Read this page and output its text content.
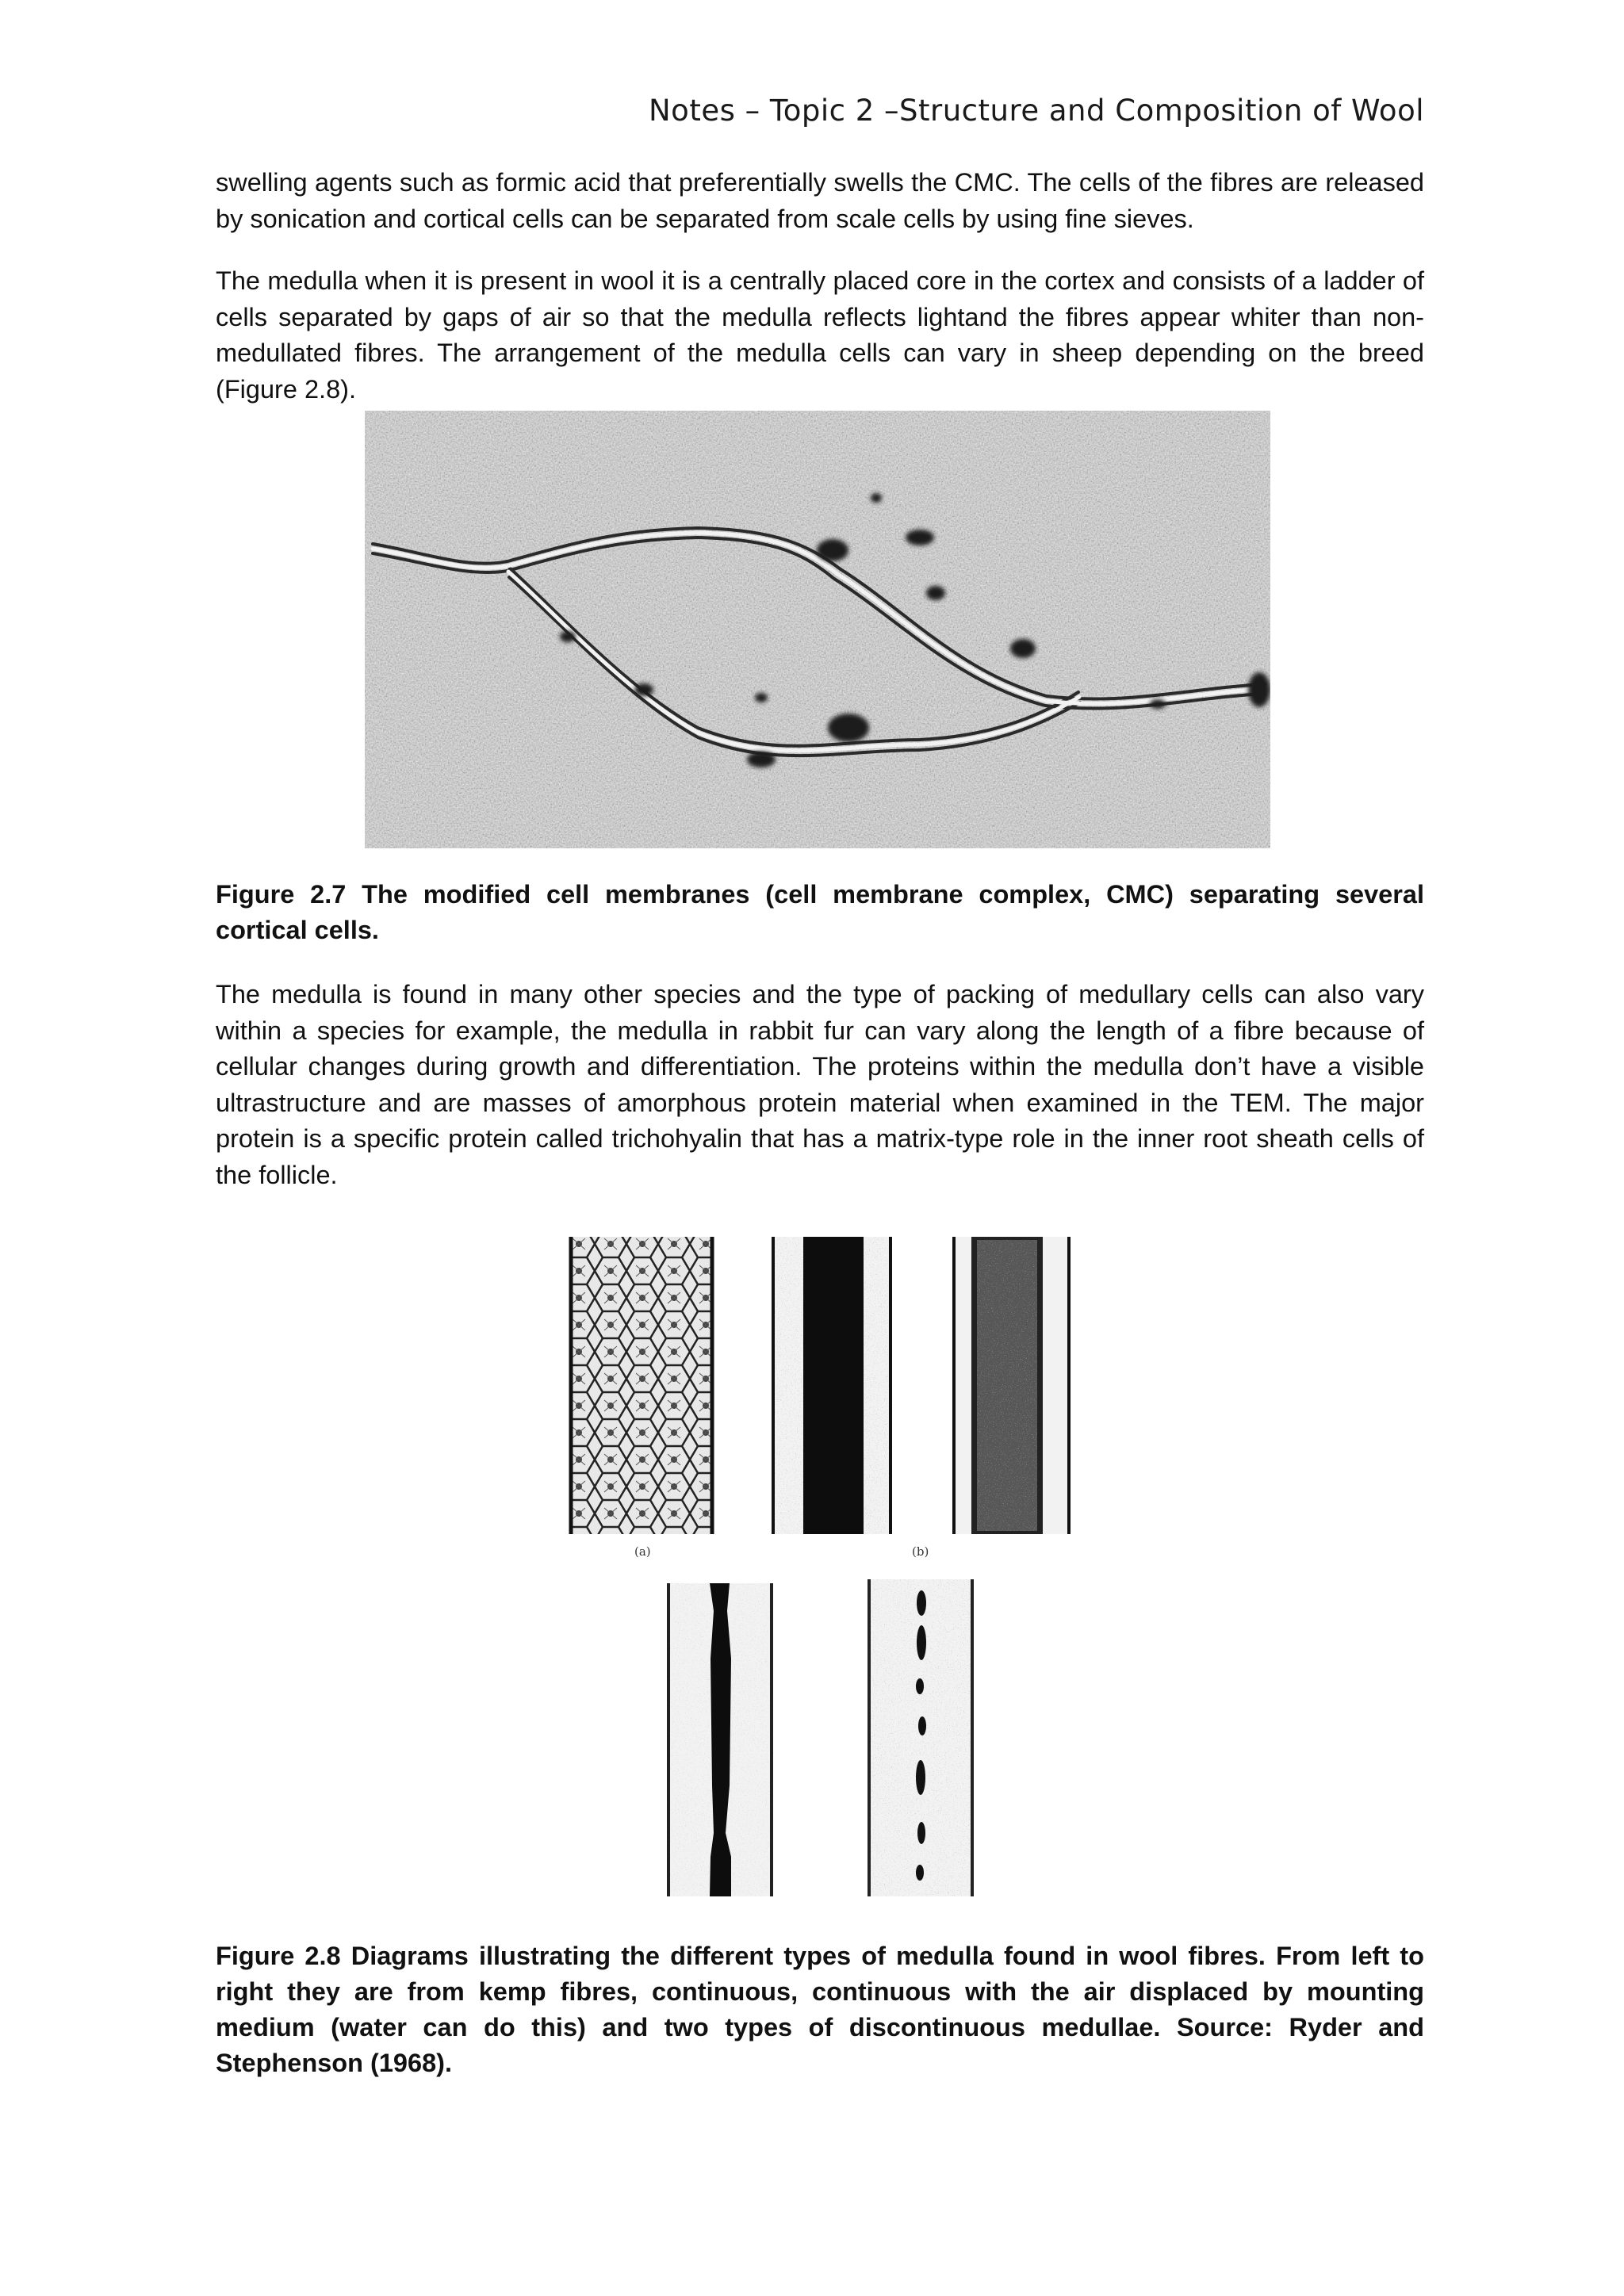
Notes – Topic 2 –Structure and Composition of Wool

swelling agents such as formic acid that preferentially swells the CMC. The cells of the fibres are released by sonication and cortical cells can be separated from scale cells by using fine sieves.

The medulla when it is present in wool it is a centrally placed core in the cortex and consists of a ladder of cells separated by gaps of air so that the medulla reflects lightand the fibres appear whiter than non-medullated fibres. The arrangement of the medulla cells can vary in sheep depending on the breed (Figure 2.8).

Figure 2.7 The modified cell membranes (cell membrane complex, CMC) separating several cortical cells.

The medulla is found in many other species and the type of packing of medullary cells can also vary within a species for example, the medulla in rabbit fur can vary along the length of a fibre because of cellular changes during growth and differentiation. The proteins within the medulla don’t have a visible ultrastructure and are masses of amorphous protein material when examined in the TEM. The major protein is a specific protein called trichohyalin that has a matrix-type role in the inner root sheath cells of the follicle.

(a)	(b)

Figure 2.8 Diagrams illustrating the different types of medulla found in wool fibres. From left to right they are from kemp fibres, continuous, continuous with the air displaced by mounting medium (water can do this) and two types of discontinuous medullae. Source: Ryder and Stephenson (1968).
